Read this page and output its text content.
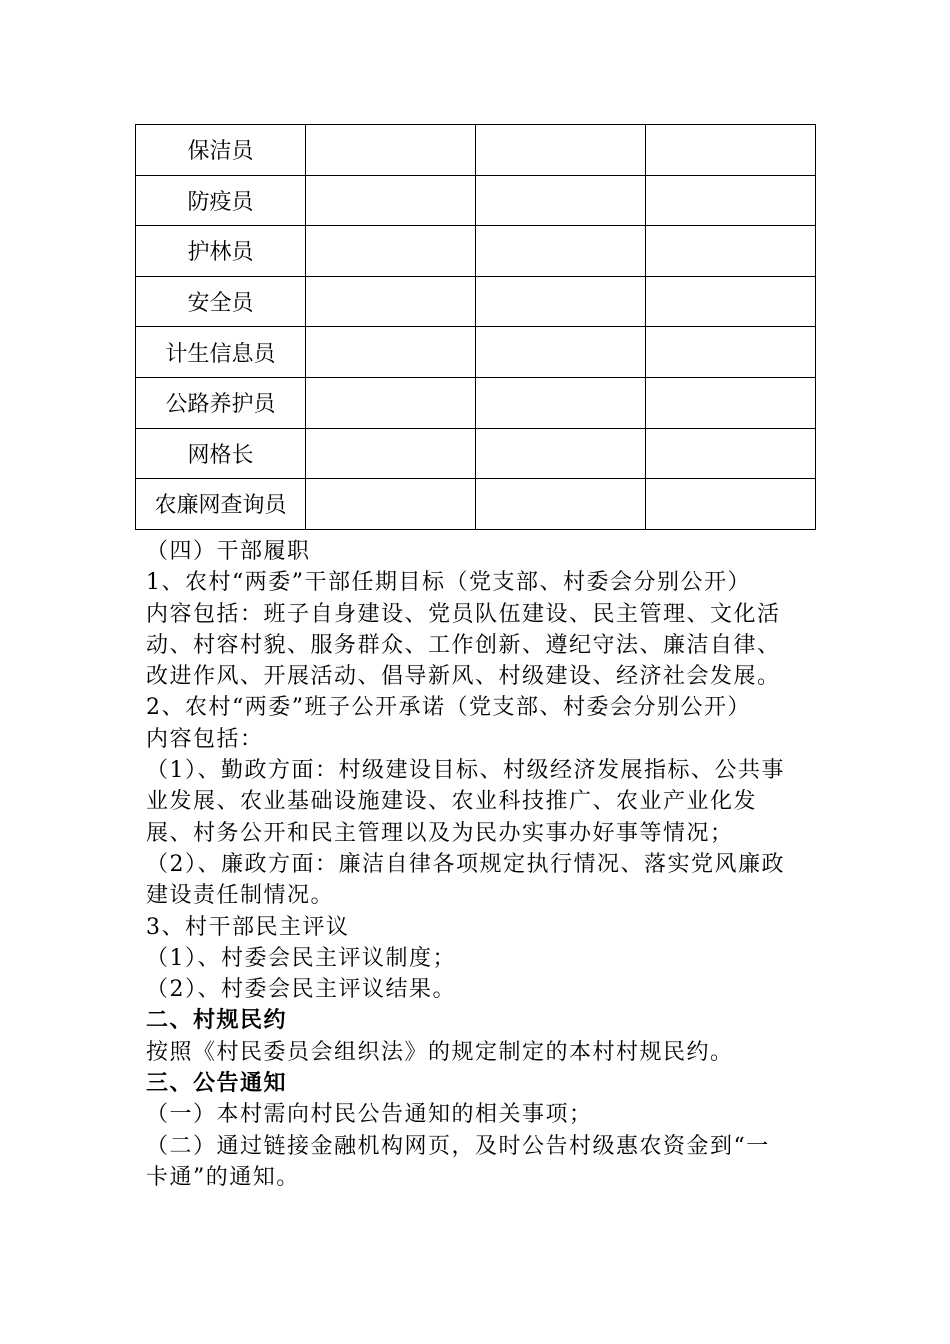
保洁员			
防疫员			
护林员			
安全员			
计生信息员			
公路养护员			
网格长			
农廉网查询员			

（四）干部履职

1、农村“两委”干部任期目标（党支部、村委会分别公开）

内容包括：班子自身建设、党员队伍建设、民主管理、文化活

动、村容村貌、服务群众、工作创新、遵纪守法、廉洁自律、

改进作风、开展活动、倡导新风、村级建设、经济社会发展。

2、农村“两委”班子公开承诺（党支部、村委会分别公开）

内容包括：

（1）、勤政方面：村级建设目标、村级经济发展指标、公共事

业发展、农业基础设施建设、农业科技推广、农业产业化发

展、村务公开和民主管理以及为民办实事办好事等情况；

（2）、廉政方面：廉洁自律各项规定执行情况、落实党风廉政

建设责任制情况。

3、村干部民主评议

（1）、村委会民主评议制度；

（2）、村委会民主评议结果。

二、村规民约

按照《村民委员会组织法》的规定制定的本村村规民约。

三、公告通知

（一）本村需向村民公告通知的相关事项；

（二）通过链接金融机构网页，及时公告村级惠农资金到“一

卡通”的通知。
